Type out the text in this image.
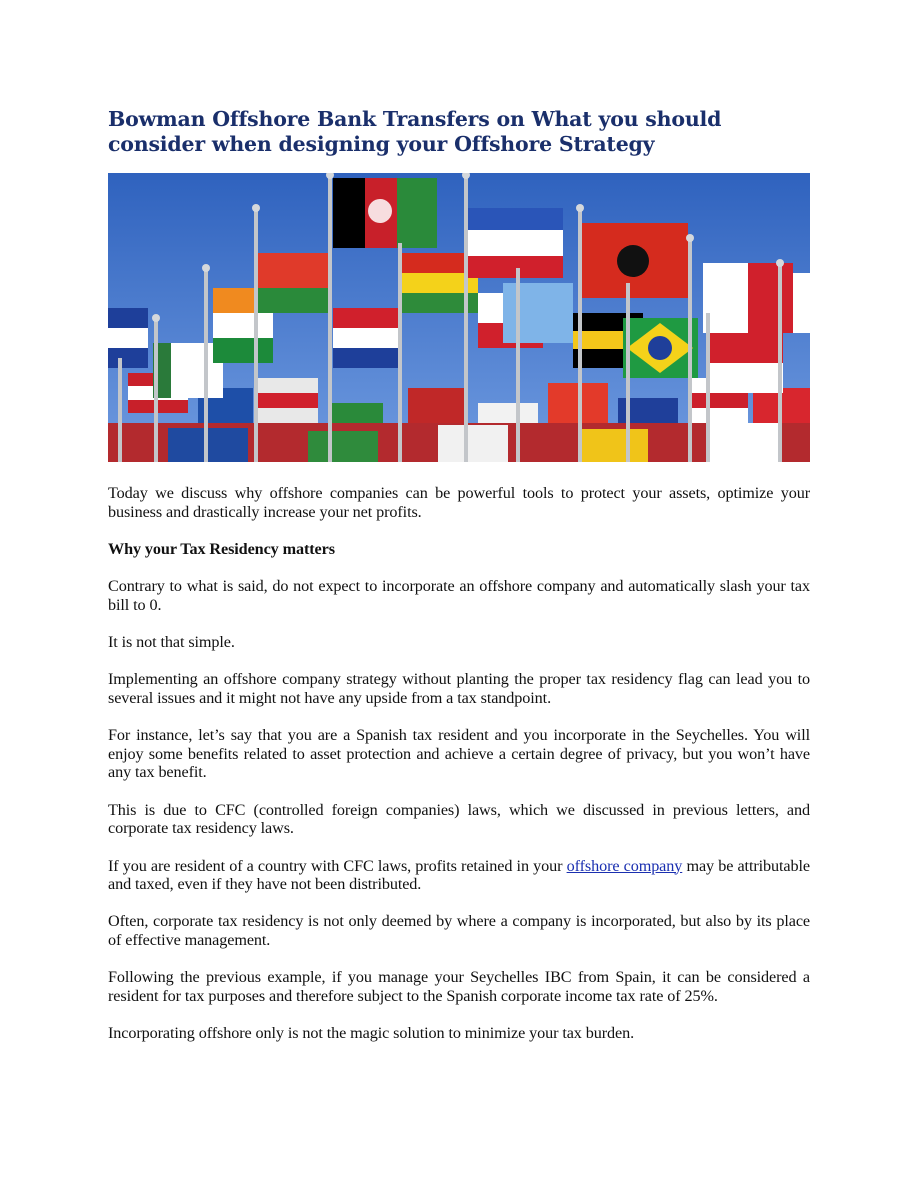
Bowman Offshore Bank Transfers on What you should consider when designing your Offshore Strategy

Today we discuss why offshore companies can be powerful tools to protect your assets, optimize your business and drastically increase your net profits.

Why your Tax Residency matters

Contrary to what is said, do not expect to incorporate an offshore company and automatically slash your tax bill to 0.

It is not that simple.

Implementing an offshore company strategy without planting the proper tax residency flag can lead you to several issues and it might not have any upside from a tax standpoint.

For instance, let’s say that you are a Spanish tax resident and you incorporate in the Seychelles. You will enjoy some benefits related to asset protection and achieve a certain degree of privacy, but you won’t have any tax benefit.

This is due to CFC (controlled foreign companies) laws, which we discussed in previous letters, and corporate tax residency laws.

If you are resident of a country with CFC laws, profits retained in your offshore company may be attributable and taxed, even if they have not been distributed.

Often, corporate tax residency is not only deemed by where a company is incorporated, but also by its place of effective management.

Following the previous example, if you manage your Seychelles IBC from Spain, it can be considered a resident for tax purposes and therefore subject to the Spanish corporate income tax rate of 25%.

Incorporating offshore only is not the magic solution to minimize your tax burden.
